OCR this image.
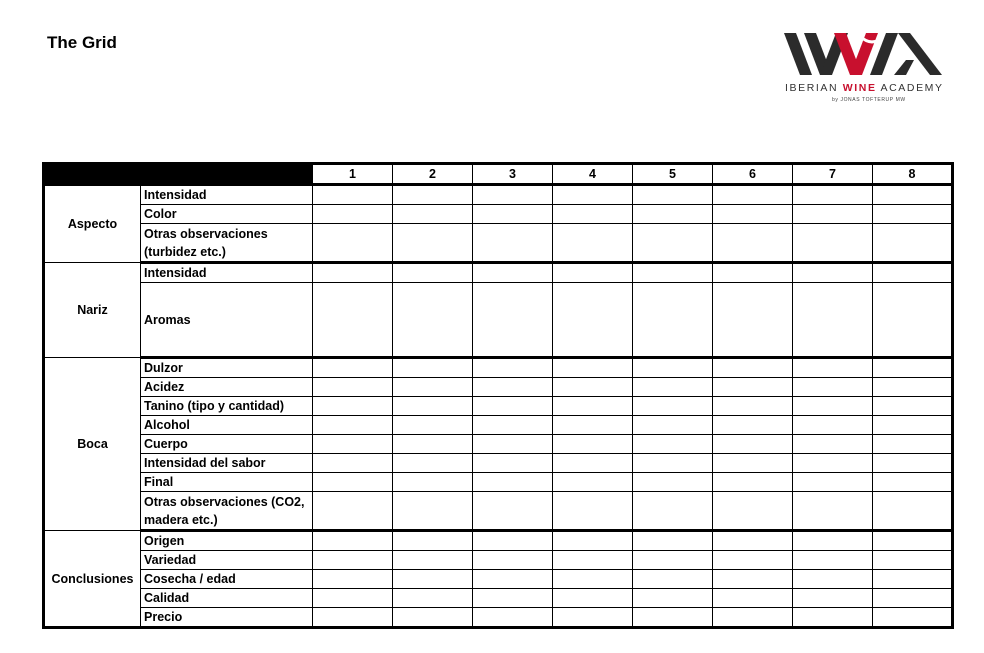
The Grid
IBERIAN WINE ACADEMY
by JONAS TOFTERUP MW
		1	2	3	4	5	6	7	8
Aspecto	Intensidad								
	Color								
	Otras observaciones (turbidez etc.)								
Nariz	Intensidad								
	Aromas								
Boca	Dulzor								
	Acidez								
	Tanino (tipo y cantidad)								
	Alcohol								
	Cuerpo								
	Intensidad del sabor								
	Final								
	Otras observaciones (CO2, madera etc.)								
Conclusiones	Origen								
	Variedad								
	Cosecha / edad								
	Calidad								
	Precio								
